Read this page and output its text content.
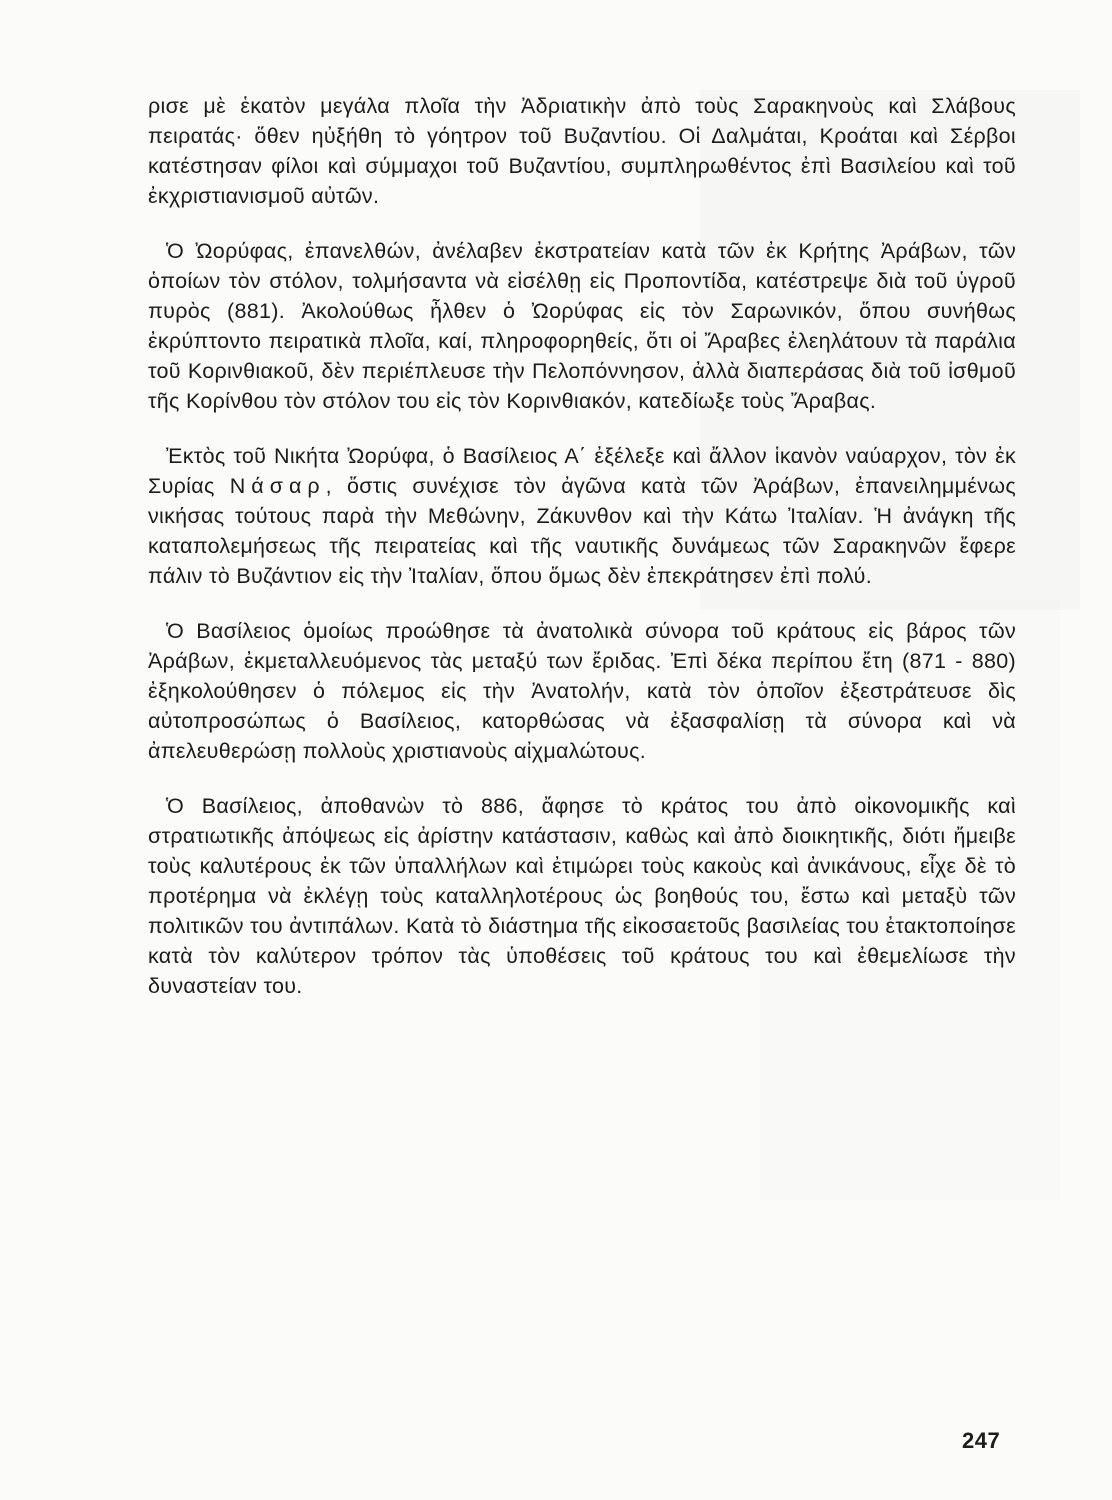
ρισε μὲ ἑκατὸν μεγάλα πλοῖα τὴν Ἀδριατικὴν ἀπὸ τοὺς Σαρακηνοὺς καὶ Σλάβους πειρατάς· ὅθεν ηὐξήθη τὸ γόητρον τοῦ Βυζαντίου. Οἱ Δαλμάται, Κροάται καὶ Σέρβοι κατέστησαν φίλοι καὶ σύμμαχοι τοῦ Βυζαντίου, συμπληρωθέντος ἐπὶ Βασιλείου καὶ τοῦ ἐκχριστιανισμοῦ αὐτῶν.

Ὁ Ὠορύφας, ἐπανελθών, ἀνέλαβεν ἐκστρατείαν κατὰ τῶν ἐκ Κρήτης Ἀράβων, τῶν ὁποίων τὸν στόλον, τολμήσαντα νὰ εἰσέλθῃ εἰς Προποντίδα, κατέστρεψε διὰ τοῦ ὑγροῦ πυρὸς (881). Ἀκολούθως ἦλθεν ὁ Ὠορύφας εἰς τὸν Σαρωνικόν, ὅπου συνήθως ἐκρύπτοντο πειρατικὰ πλοῖα, καί, πληροφορηθείς, ὅτι οἱ Ἄραβες ἐλεηλάτουν τὰ παράλια τοῦ Κορινθιακοῦ, δὲν περιέπλευσε τὴν Πελοπόννησον, ἀλλὰ διαπεράσας διὰ τοῦ ἰσθμοῦ τῆς Κορίνθου τὸν στόλον του εἰς τὸν Κορινθιακόν, κατεδίωξε τοὺς Ἄραβας.

Ἐκτὸς τοῦ Νικήτα Ὠορύφα, ὁ Βασίλειος Α΄ ἐξέλεξε καὶ ἄλλον ἱκανὸν ναύαρχον, τὸν ἐκ Συρίας Νάσαρ, ὅστις συνέχισε τὸν ἀγῶνα κατὰ τῶν Ἀράβων, ἐπανειλημμένως νικήσας τούτους παρὰ τὴν Μεθώνην, Ζάκυνθον καὶ τὴν Κάτω Ἰταλίαν. Ἡ ἀνάγκη τῆς καταπολεμήσεως τῆς πειρατείας καὶ τῆς ναυτικῆς δυνάμεως τῶν Σαρακηνῶν ἔφερε πάλιν τὸ Βυζάντιον εἰς τὴν Ἰταλίαν, ὅπου ὅμως δὲν ἐπεκράτησεν ἐπὶ πολύ.

Ὁ Βασίλειος ὁμοίως προώθησε τὰ ἀνατολικὰ σύνορα τοῦ κράτους εἰς βάρος τῶν Ἀράβων, ἐκμεταλλευόμενος τὰς μεταξύ των ἔριδας. Ἐπὶ δέκα περίπου ἔτη (871 - 880) ἐξηκολούθησεν ὁ πόλεμος εἰς τὴν Ἀνατολήν, κατὰ τὸν ὁποῖον ἐξεστράτευσε δὶς αὐτοπροσώπως ὁ Βασίλειος, κατορθώσας νὰ ἐξασφαλίσῃ τὰ σύνορα καὶ νὰ ἀπελευθερώσῃ πολλοὺς χριστιανοὺς αἰχμαλώτους.

Ὁ Βασίλειος, ἀποθανὼν τὸ 886, ἄφησε τὸ κράτος του ἀπὸ οἰκονομικῆς καὶ στρατιωτικῆς ἀπόψεως εἰς ἀρίστην κατάστασιν, καθὼς καὶ ἀπὸ διοικητικῆς, διότι ἤμειβε τοὺς καλυτέρους ἐκ τῶν ὑπαλλήλων καὶ ἐτιμώρει τοὺς κακοὺς καὶ ἀνικάνους, εἶχε δὲ τὸ προτέρημα νὰ ἐκλέγῃ τοὺς καταλληλοτέρους ὡς βοηθούς του, ἔστω καὶ μεταξὺ τῶν πολιτικῶν του ἀντιπάλων. Κατὰ τὸ διάστημα τῆς εἰκοσαετοῦς βασιλείας του ἐτακτοποίησε κατὰ τὸν καλύτερον τρόπον τὰς ὑποθέσεις τοῦ κράτους του καὶ ἐθεμελίωσε τὴν δυναστείαν του.

247
